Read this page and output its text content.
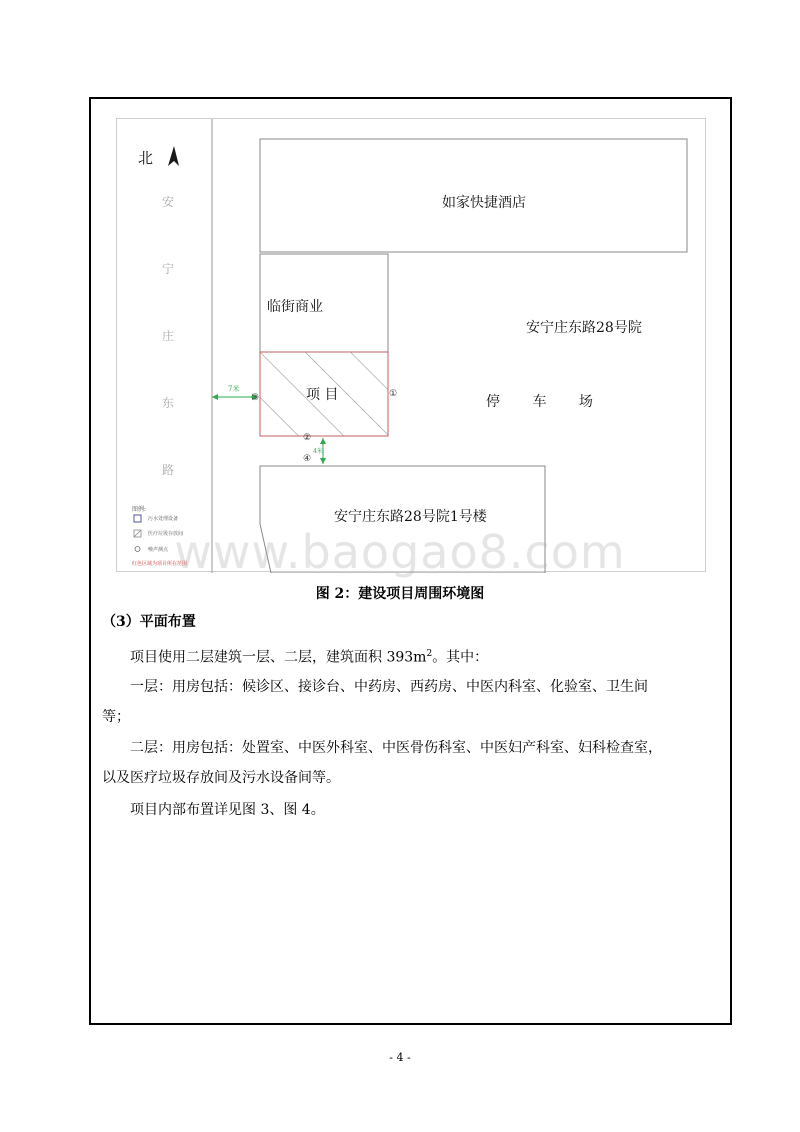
北
安
宁
庄
东
路
如家快捷酒店
临街商业
项 目
安宁庄东路28号院
停 车 场
安宁庄东路28号院1号楼
①
②
③
④
7米
4米
图例:
污水处理设备
医疗垃圾存放间
噪声测点
红色区域为项目所在范围
www.baogao8.com
图 2：建设项目周围环境图
（3）平面布置
项目使用二层建筑一层、二层，建筑面积 $393m^2$。其中：
一层：用房包括：候诊区、接诊台、中药房、西药房、中医内科室、化验室、卫生间
等；
二层：用房包括：处置室、中医外科室、中医骨伤科室、中医妇产科室、妇科检查室，
以及医疗垃圾存放间及污水设备间等。
项目内部布置详见图 3、图 4。
- 4 -
